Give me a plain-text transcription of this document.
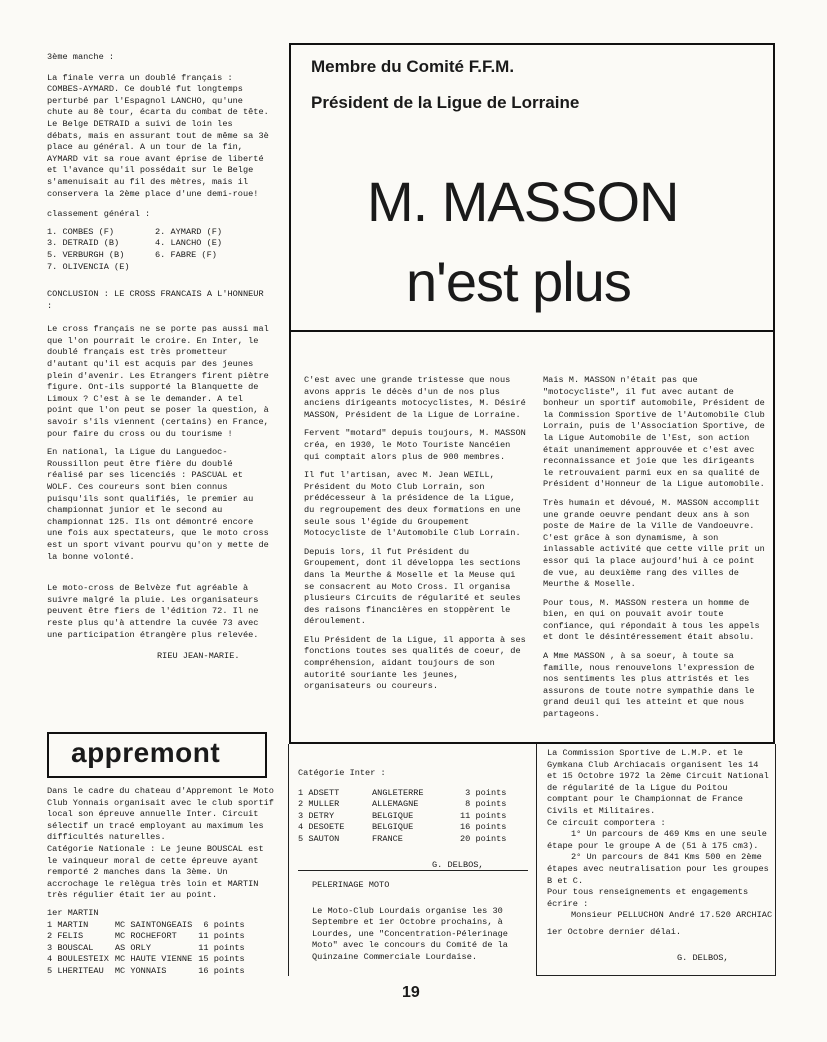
3ème manche :

La finale verra un doublé français : COMBES-AYMARD. Ce doublé fut longtemps perturbé par l'Espagnol LANCHO, qu'une chute au 8è tour, écarta du combat de tête. Le Belge DETRAID a suivi de loin les débats, mais en assurant tout de même sa 3è place au général. A un tour de la fin, AYMARD vit sa roue avant éprise de liberté et l'avance qu'il possédait sur le Belge s'amenuisait au fil des mètres, mais il conservera la 2ème place d'une demi-roue!

classement général :

1. COMBES (F)	2. AYMARD (F)
3. DETRAID (B)	4. LANCHO (E)
5. VERBURGH (B)	6. FABRE (F)
7. OLIVENCIA (E)

CONCLUSION : LE CROSS FRANCAIS A L'HONNEUR :

Le cross français ne se porte pas aussi mal que l'on pourrait le croire. En Inter, le doublé français est très prometteur d'autant qu'il est acquis par des jeunes plein d'avenir. Les Etrangers firent piètre figure. Ont-ils supporté la Blanquette de Limoux ? C'est à se le demander. A tel point que l'on peut se poser la question, à savoir s'ils viennent (certains) en France, pour faire du cross ou du tourisme !

En national, la Ligue du Languedoc-Roussillon peut être fière du doublé réalisé par ses licenciés : PASCUAL et WOLF. Ces coureurs sont bien connus puisqu'ils sont qualifiés, le premier au championnat junior et le second au championnat 125. Ils ont démontré encore une fois aux spectateurs, que le moto cross est un sport vivant pourvu qu'on y mette de la bonne volonté.

Le moto-cross de Belvèze fut agréable à suivre malgré la pluie. Les organisateurs peuvent être fiers de l'édition 72. Il ne reste plus qu'à attendre la cuvée 73 avec une participation étrangère plus relevée.

RIEU JEAN-MARIE.
Membre du Comité F.F.M.
Président de la Ligue de Lorraine
M. MASSON
n'est plus

C'est avec une grande tristesse que nous avons appris le décès d'un de nos plus anciens dirigeants motocyclistes, M. Désiré MASSON, Président de la Ligue de Lorraine.

Fervent "motard" depuis toujours, M. MASSON créa, en 1930, le Moto Touriste Nancéien qui comptait alors plus de 900 membres.

Il fut l'artisan, avec M. Jean WEILL, Président du Moto Club Lorrain, son prédécesseur à la présidence de la Ligue, du regroupement des deux formations en une seule sous l'égide du Groupement Motocycliste de l'Automobile Club Lorrain.

Depuis lors, il fut Président du Groupement, dont il développa les sections dans la Meurthe & Moselle et la Meuse qui se consacrent au Moto Cross. Il organisa plusieurs Circuits de régularité et seules des raisons financières en stoppèrent le déroulement.

Elu Président de la Ligue, il apporta à ses fonctions toutes ses qualités de coeur, de compréhension, aidant toujours de son autorité souriante les jeunes, organisateurs ou coureurs.

Mais M. MASSON n'était pas que "motocycliste", il fut avec autant de bonheur un sportif automobile, Président de la Commission Sportive de l'Automobile Club Lorrain, puis de l'Association Sportive, de la Ligue Automobile de l'Est, son action était unanimement approuvée et c'est avec reconnaissance et joie que les dirigeants le retrouvaient parmi eux en sa qualité de Président d'Honneur de la Ligue automobile.

Très humain et dévoué, M. MASSON accomplit une grande oeuvre pendant deux ans à son poste de Maire de la Ville de Vandoeuvre. C'est grâce à son dynamisme, à son inlassable activité que cette ville prit un essor qui la place aujourd'hui à ce point de vue, au deuxième rang des villes de Meurthe & Moselle.

Pour tous, M. MASSON restera un homme de bien, en qui on pouvait avoir toute confiance, qui répondait à tous les appels et dont le désintéressement était absolu.

A Mme MASSON , à sa soeur, à toute sa famille, nous renouvelons l'expression de nos sentiments les plus attristés et les assurons de toute notre sympathie dans le grand deuil qui les atteint et que nous partageons.

appremont
Dans le cadre du chateau d'Appremont le Moto Club Yonnais organisait avec le club sportif local son épreuve annuelle Inter. Circuit sélectif un tracé employant au maximum les difficultés naturelles.
Catégorie Nationale : Le jeune BOUSCAL est le vainqueur moral de cette épreuve ayant remporté 2 manches dans la 3ème. Un accrochage le relègua très loin et MARTIN très régulier était 1er au point.
1er MARTIN
1 MARTIN	MC SAINTONGEAIS	6 points
2 FELIS	MC ROCHEFORT	11 points
3 BOUSCAL	AS ORLY	11 points
4 BOULESTEIX	MC HAUTE VIENNE	15 points
5 LHERITEAU	MC YONNAIS	16 points
Catégorie Inter :
1 ADSETT	ANGLETERRE	3 points
2 MULLER	ALLEMAGNE	8 points
3 DETRY	BELGIQUE	11 points
4 DESOETE	BELGIQUE	16 points
5 SAUTON	FRANCE	20 points
G. DELBOS,
PELERINAGE MOTO
Le Moto-Club Lourdais organise les 30 Septembre et 1er Octobre prochains, à Lourdes, une "Concentration-Pélerinage Moto" avec le concours du Comité de la Quinzaine Commerciale Lourdaise.
La Commission Sportive de L.M.P. et le Gymkana Club Archiacais organisent les 14 et 15 Octobre 1972 la 2ème Circuit National de régularité de la Ligue du Poitou comptant pour le Championnat de France Civils et Militaires.
Ce circuit comportera :
1° Un parcours de 469 Kms en une seule étape pour le groupe A de (51 à 175 cm3).
2° Un parcours de 841 Kms 500 en 2ème étapes avec neutralisation pour les groupes B et C.
Pour tous renseignements et engagements écrire :
Monsieur PELLUCHON André 17.520 ARCHIAC
1er Octobre dernier délai.
G. DELBOS,
19
